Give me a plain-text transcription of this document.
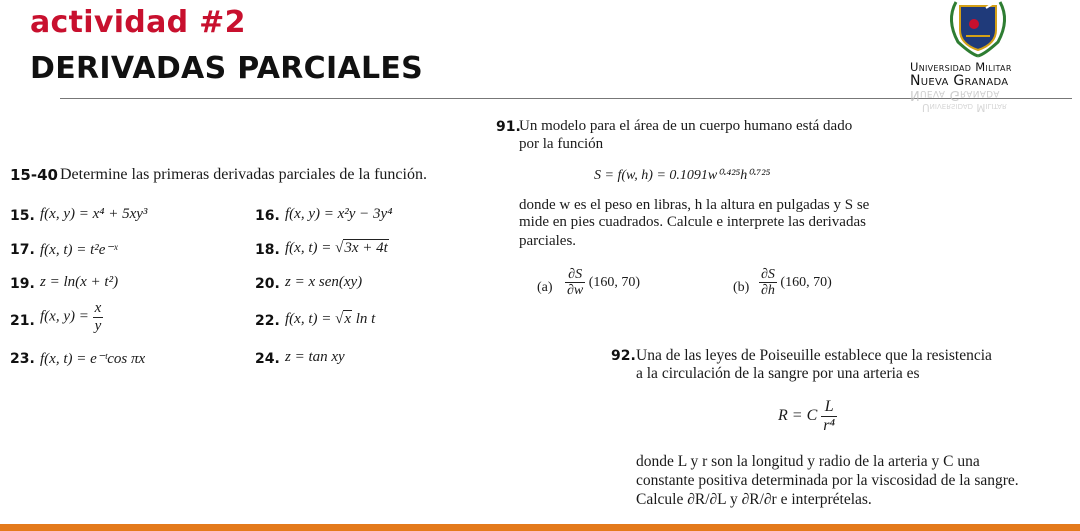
actividad #2
DERIVADAS PARCIALES	Universidad Militar
Nueva Granada
Nueva Granada
Universidad Militar
15-40 Determine las primeras derivadas parciales de la función.
15. f(x, y) = x⁴ + 5xy³	16. f(x, y) = x²y − 3y⁴
17. f(x, t) = t²e⁻ˣ	18. f(x, t) = √3x + 4t
19. z = ln(x + t²)	20. z = x sen(xy)
21. f(x, $y) = \frac{x}{y}$	22. f(x, t) = √x ln t
23. f(x, t) = e⁻ᵗcos πx	24. z = tan xy
91.
Un modelo para el área de un cuerpo humano está dado
por la función
S = f(w, h) = 0.1091w⁰·⁴²⁵h⁰·⁷²⁵
donde w es el peso en libras, h la altura en pulgadas y S se
mide en pies cuadrados. Calcule e interprete las derivadas
parciales.
$(a) \frac{\partial S}{\partial w} (160$, 70)	$(b) \frac{\partial S}{\partial h} (160$, 70)
92. Una de las leyes de Poiseuille establece que la resistencia
a la circulación de la sangre por una arteria es
R = C $\frac{L}{\text{r⁴}}$
donde L y r son la longitud y radio de la arteria y C una
constante positiva determinada por la viscosidad de la sangre.
Calcule ∂R/∂L y ∂R/∂r e interprételas.
